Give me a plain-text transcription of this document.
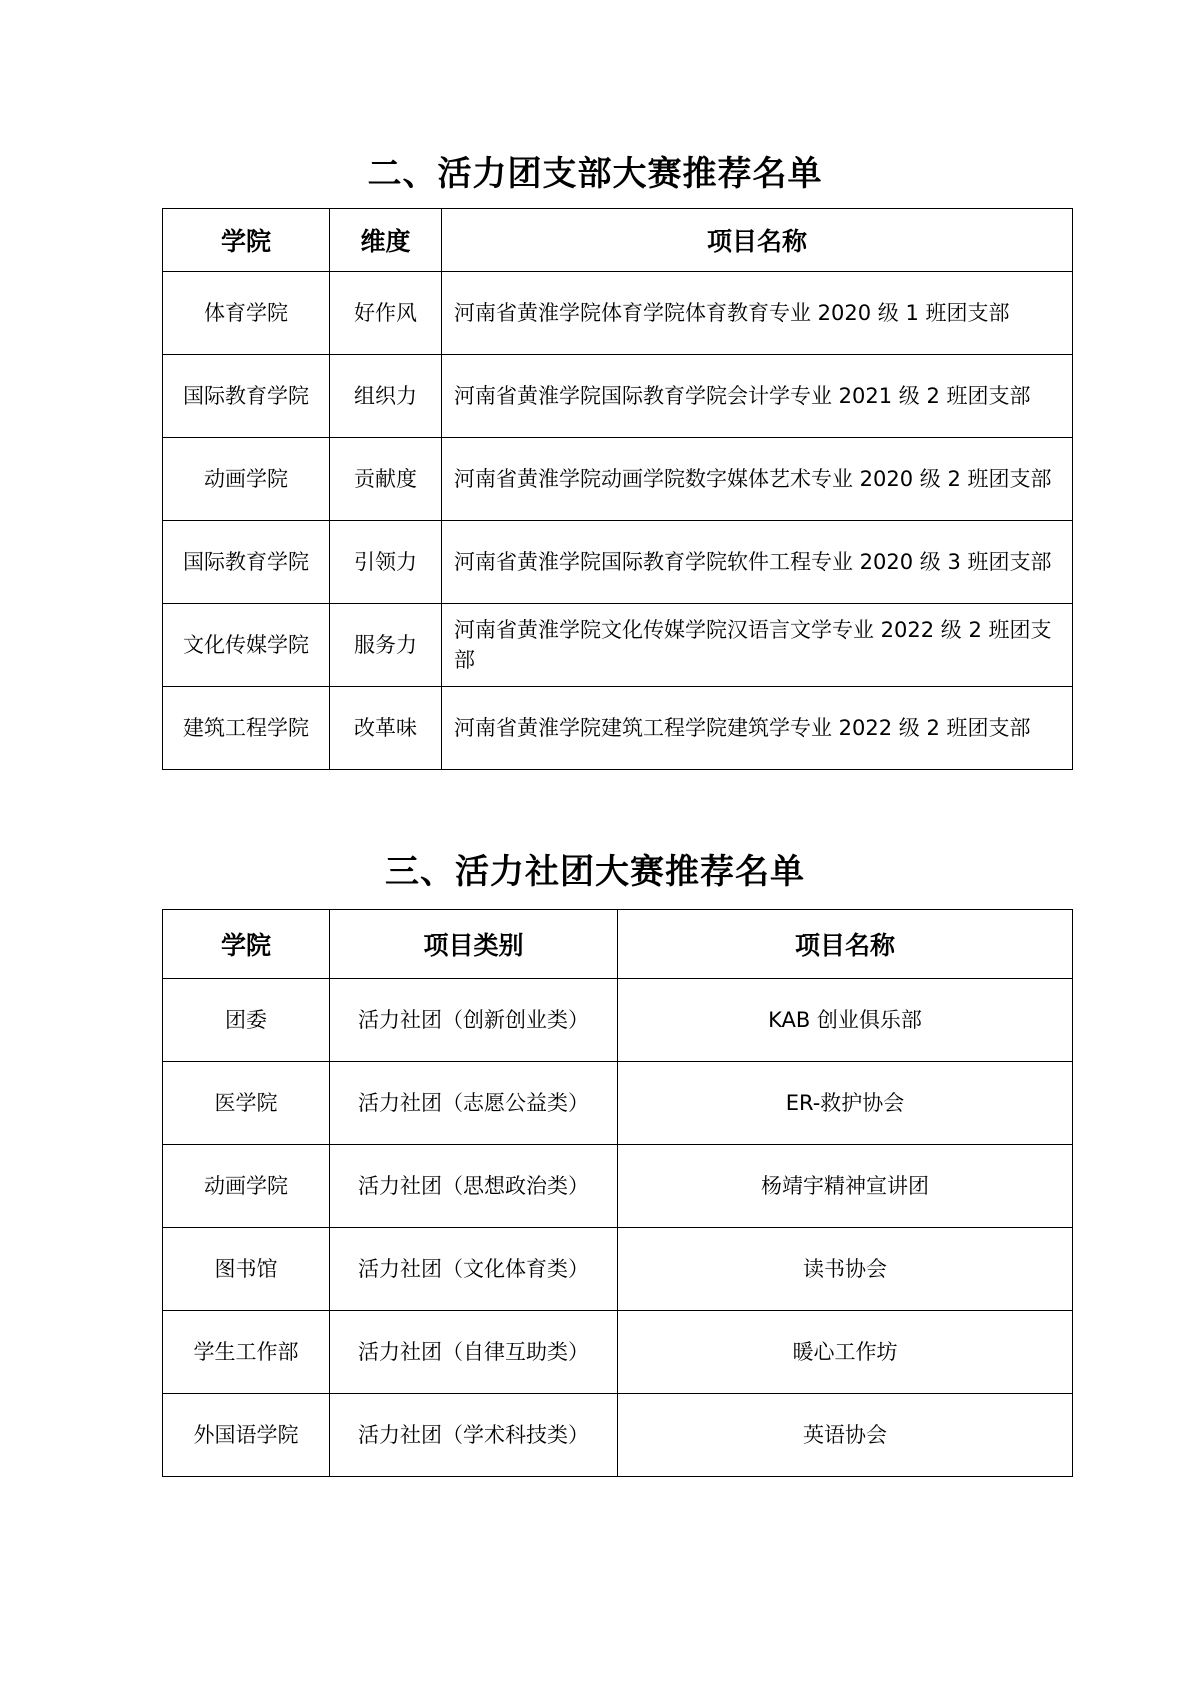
二、活力团支部大赛推荐名单
学院	维度	项目名称
体育学院	好作风	河南省黄淮学院体育学院体育教育专业 2020 级 1 班团支部
国际教育学院	组织力	河南省黄淮学院国际教育学院会计学专业 2021 级 2 班团支部
动画学院	贡献度	河南省黄淮学院动画学院数字媒体艺术专业 2020 级 2 班团支部
国际教育学院	引领力	河南省黄淮学院国际教育学院软件工程专业 2020 级 3 班团支部
文化传媒学院	服务力	河南省黄淮学院文化传媒学院汉语言文学专业 2022 级 2 班团支部
建筑工程学院	改革味	河南省黄淮学院建筑工程学院建筑学专业 2022 级 2 班团支部
三、活力社团大赛推荐名单
学院	项目类别	项目名称
团委	活力社团（创新创业类）	KAB 创业俱乐部
医学院	活力社团（志愿公益类）	ER-救护协会
动画学院	活力社团（思想政治类）	杨靖宇精神宣讲团
图书馆	活力社团（文化体育类）	读书协会
学生工作部	活力社团（自律互助类）	暖心工作坊
外国语学院	活力社团（学术科技类）	英语协会
